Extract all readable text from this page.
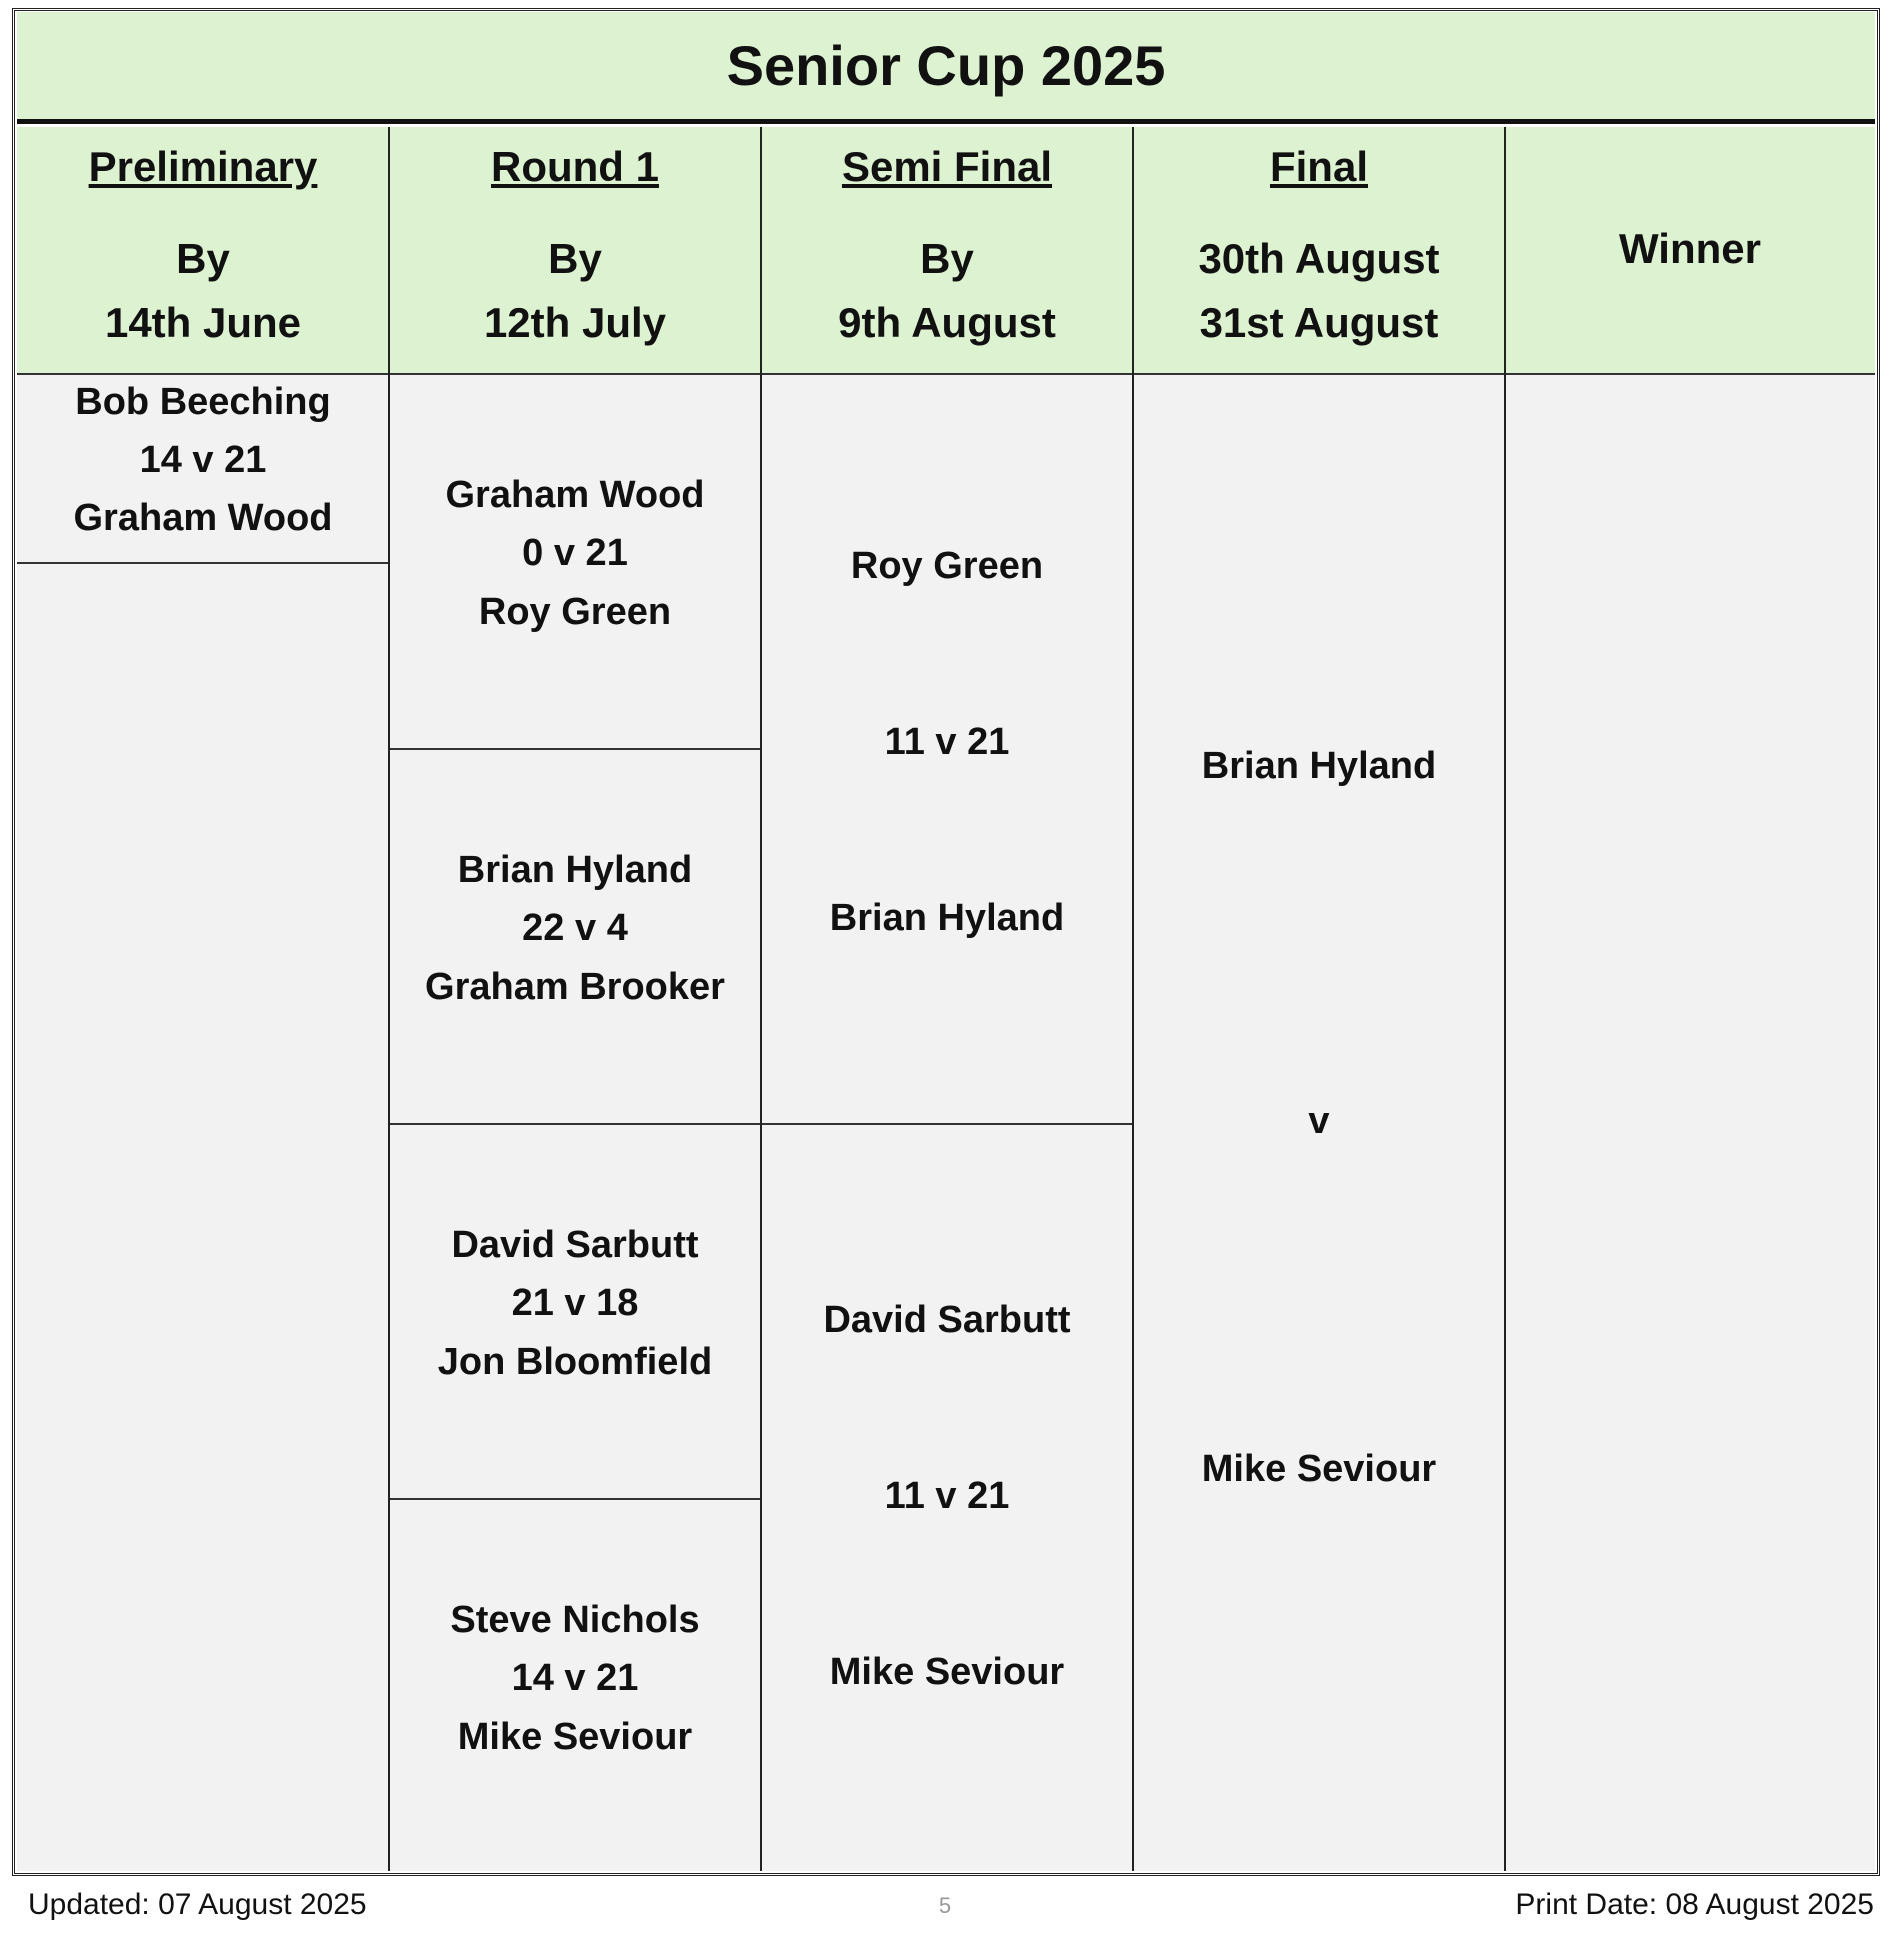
Senior Cup 2025
Preliminary
By
14th June
Bob Beeching
14 v 21
Graham Wood
Round 1
By
12th July
Graham Wood
0 v 21
Roy Green
Brian Hyland
22 v 4
Graham Brooker
David Sarbutt
21 v 18
Jon Bloomfield
Steve Nichols
14 v 21
Mike Seviour
Semi Final
By
9th August
Roy Green
11 v 21
Brian Hyland
David Sarbutt
11 v 21
Mike Seviour
Final
30th August
31st August
Brian Hyland
v
Mike Seviour
Winner
Updated: 07 August 2025	5	Print Date: 08 August 2025
